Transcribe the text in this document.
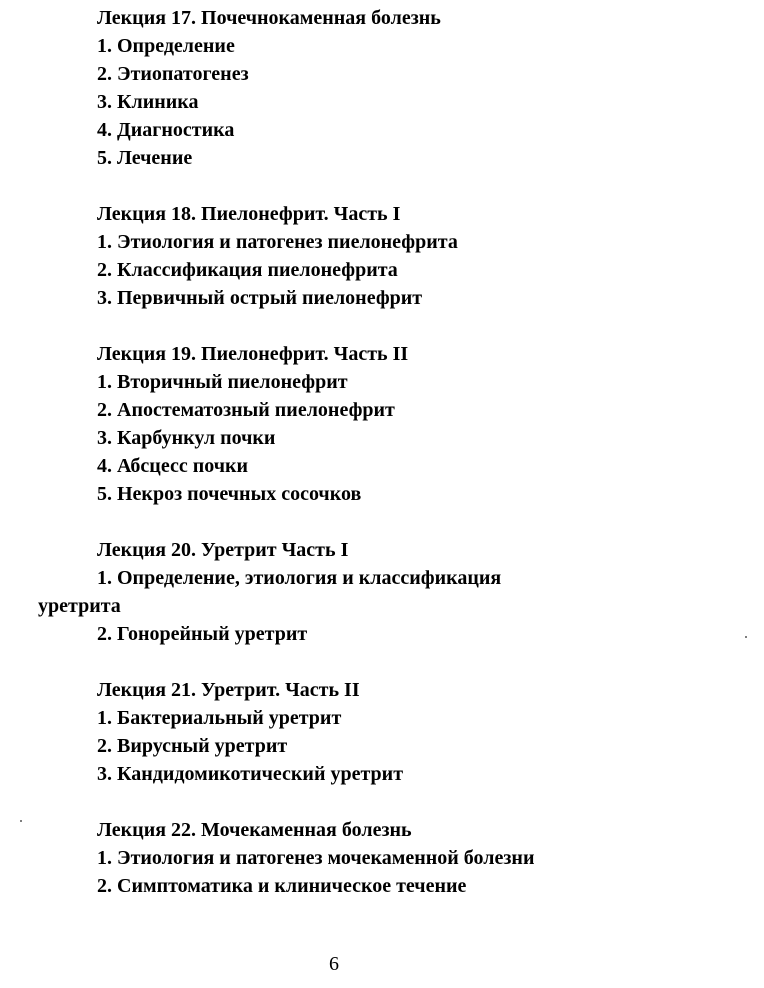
Лекция 17. Почечнокаменная болезнь
1. Определение
2. Этиопатогенез
3. Клиника
4. Диагностика
5. Лечение
Лекция 18. Пиелонефрит. Часть I
1. Этиология и патогенез пиелонефрита
2. Классификация пиелонефрита
3. Первичный острый пиелонефрит
Лекция 19. Пиелонефрит. Часть II
1. Вторичный пиелонефрит
2. Апостематозный пиелонефрит
3. Карбункул почки
4. Абсцесс почки
5. Некроз почечных сосочков
Лекция 20. Уретрит Часть I
1. Определение, этиология и классификация
уретрита
2. Гонорейный уретрит
Лекция 21. Уретрит. Часть II
1. Бактериальный уретрит
2. Вирусный уретрит
3. Кандидомикотический уретрит
Лекция 22. Мочекаменная болезнь
1. Этиология и патогенез мочекаменной болезни
2. Симптоматика и клиническое течение
6
